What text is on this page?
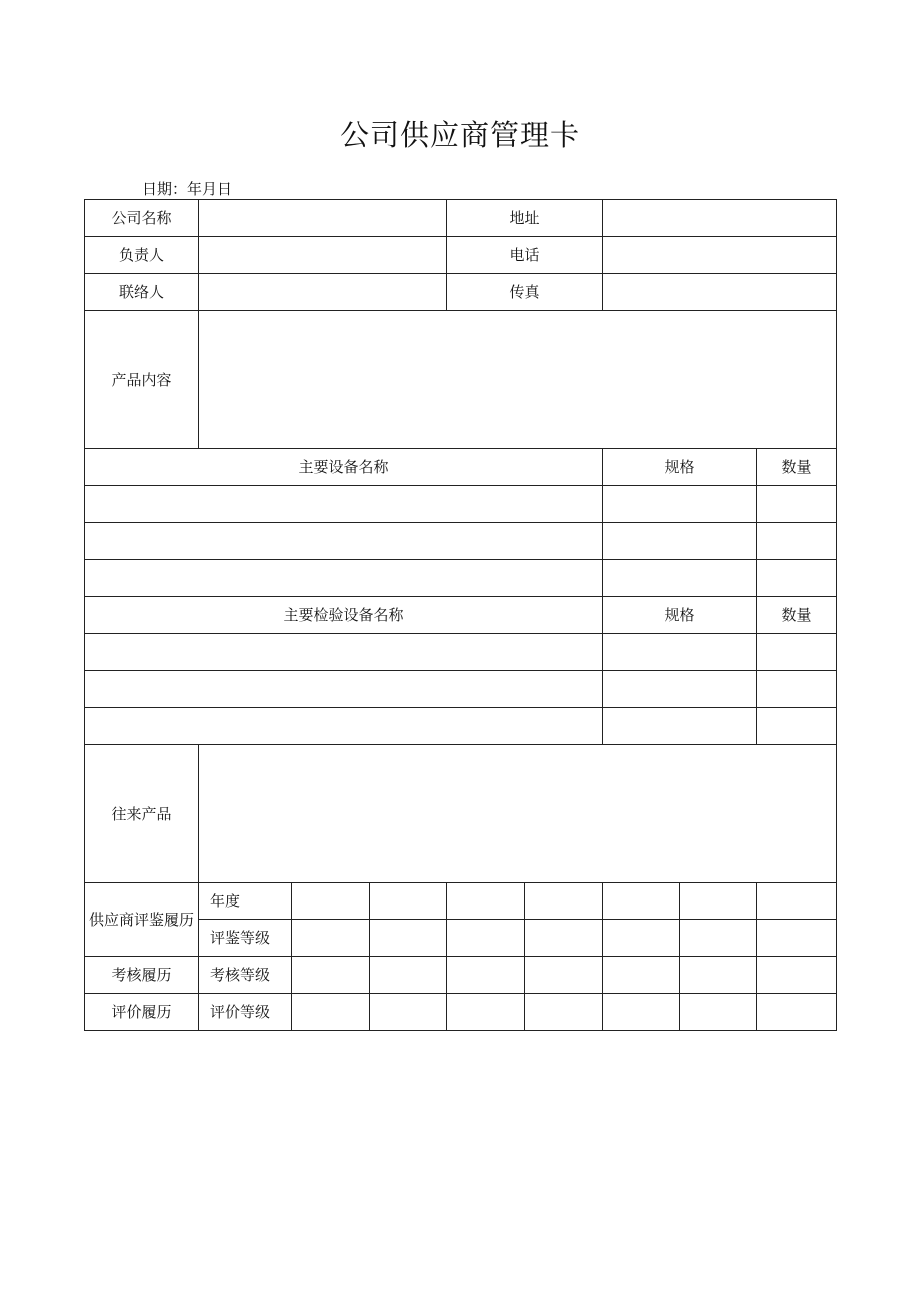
公司供应商管理卡
日期：年月日
公司名称				地址				
负责人				电话				
联络人				传真				
产品内容								
主要设备名称						规格		数量

主要检验设备名称						规格		数量

往来产品								
供应商评鉴履历	年度							
	评鉴等级							
考核履历	考核等级							
评价履历	评价等级							
